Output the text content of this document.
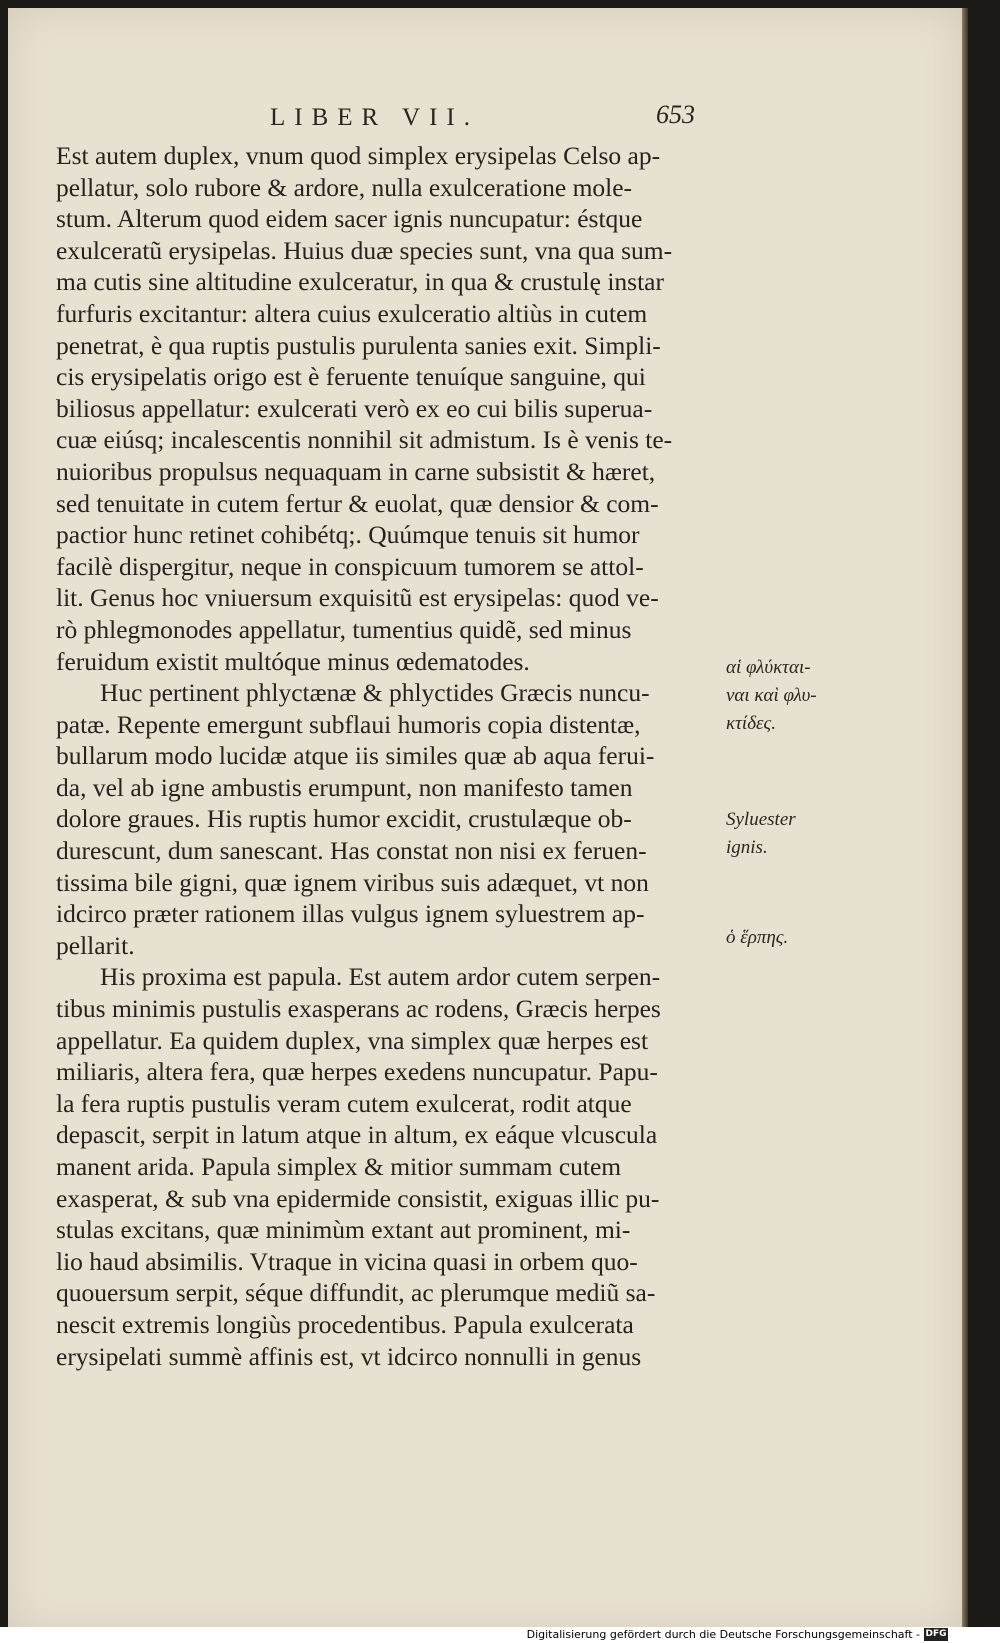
LIBER VII.	653
Est autem duplex, vnum quod simplex erysipelas Celso ap-
pellatur, solo rubore & ardore, nulla exulceratione mole-
stum. Alterum quod eidem sacer ignis nuncupatur: éstque
exulceratũ erysipelas. Huius duæ species sunt, vna qua sum-
ma cutis sine altitudine exulceratur, in qua & crustulę instar
furfuris excitantur: altera cuius exulceratio altiùs in cutem
penetrat, è qua ruptis pustulis purulenta sanies exit. Simpli-
cis erysipelatis origo est è feruente tenuíque sanguine, qui
biliosus appellatur: exulcerati verò ex eo cui bilis superua-
cuæ eiúsq; incalescentis nonnihil sit admistum. Is è venis te-
nuioribus propulsus nequaquam in carne subsistit & hæret,
sed tenuitate in cutem fertur & euolat, quæ densior & com-
pactior hunc retinet cohibétq;. Quúmque tenuis sit humor
facilè dispergitur, neque in conspicuum tumorem se attol-
lit. Genus hoc vniuersum exquisitũ est erysipelas: quod ve-
rò phlegmonodes appellatur, tumentius quidẽ, sed minus
feruidum existit multóque minus œdematodes.
Huc pertinent phlyctænæ & phlyctides Græcis nuncu-
patæ. Repente emergunt subflaui humoris copia distentæ,
bullarum modo lucidæ atque iis similes quæ ab aqua ferui-
da, vel ab igne ambustis erumpunt, non manifesto tamen
dolore graues. His ruptis humor excidit, crustulæque ob-
durescunt, dum sanescant. Has constat non nisi ex feruen-
tissima bile gigni, quæ ignem viribus suis adæquet, vt non
idcirco præter rationem illas vulgus ignem syluestrem ap-
pellarit.
His proxima est papula. Est autem ardor cutem serpen-
tibus minimis pustulis exasperans ac rodens, Græcis herpes
appellatur. Ea quidem duplex, vna simplex quæ herpes est
miliaris, altera fera, quæ herpes exedens nuncupatur. Papu-
la fera ruptis pustulis veram cutem exulcerat, rodit atque
depascit, serpit in latum atque in altum, ex eáque vlcuscula
manent arida. Papula simplex & mitior summam cutem
exasperat, & sub vna epidermide consistit, exiguas illic pu-
stulas excitans, quæ minimùm extant aut prominent, mi-
lio haud absimilis. Vtraque in vicina quasi in orbem quo-
quouersum serpit, séque diffundit, ac plerumque mediũ sa-
nescit extremis longiùs procedentibus. Papula exulcerata
erysipelati summè affinis est, vt idcirco nonnulli in genus
αἱ φλύκται-
ναι καὶ φλυ-
κτίδες.
Syluester
ignis.
ὁ ἕρπης.
Digitalisierung gefördert durch die Deutsche Forschungsgemeinschaft - DFG
